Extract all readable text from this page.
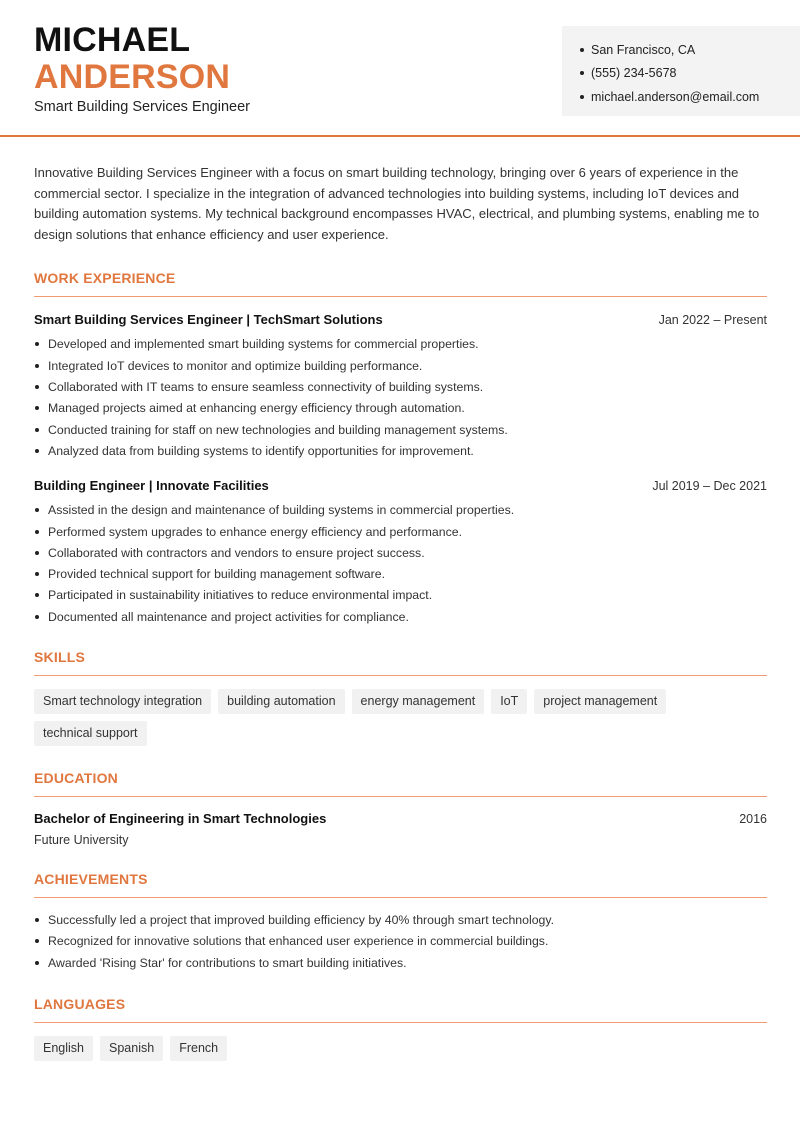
MICHAEL
ANDERSON
Smart Building Services Engineer
San Francisco, CA
(555) 234-5678
michael.anderson@email.com

Innovative Building Services Engineer with a focus on smart building technology, bringing over 6 years of experience in the commercial sector. I specialize in the integration of advanced technologies into building systems, including IoT devices and building automation systems. My technical background encompasses HVAC, electrical, and plumbing systems, enabling me to design solutions that enhance efficiency and user experience.

WORK EXPERIENCE
Smart Building Services Engineer | TechSmart Solutions	Jan 2022 – Present
Developed and implemented smart building systems for commercial properties.
Integrated IoT devices to monitor and optimize building performance.
Collaborated with IT teams to ensure seamless connectivity of building systems.
Managed projects aimed at enhancing energy efficiency through automation.
Conducted training for staff on new technologies and building management systems.
Analyzed data from building systems to identify opportunities for improvement.
Building Engineer | Innovate Facilities	Jul 2019 – Dec 2021
Assisted in the design and maintenance of building systems in commercial properties.
Performed system upgrades to enhance energy efficiency and performance.
Collaborated with contractors and vendors to ensure project success.
Provided technical support for building management software.
Participated in sustainability initiatives to reduce environmental impact.
Documented all maintenance and project activities for compliance.
SKILLS
Smart technology integration	building automation	energy management	IoT	project management
technical support
EDUCATION
Bachelor of Engineering in Smart Technologies	2016
Future University
ACHIEVEMENTS
Successfully led a project that improved building efficiency by 40% through smart technology.
Recognized for innovative solutions that enhanced user experience in commercial buildings.
Awarded 'Rising Star' for contributions to smart building initiatives.
LANGUAGES
English	Spanish	French
